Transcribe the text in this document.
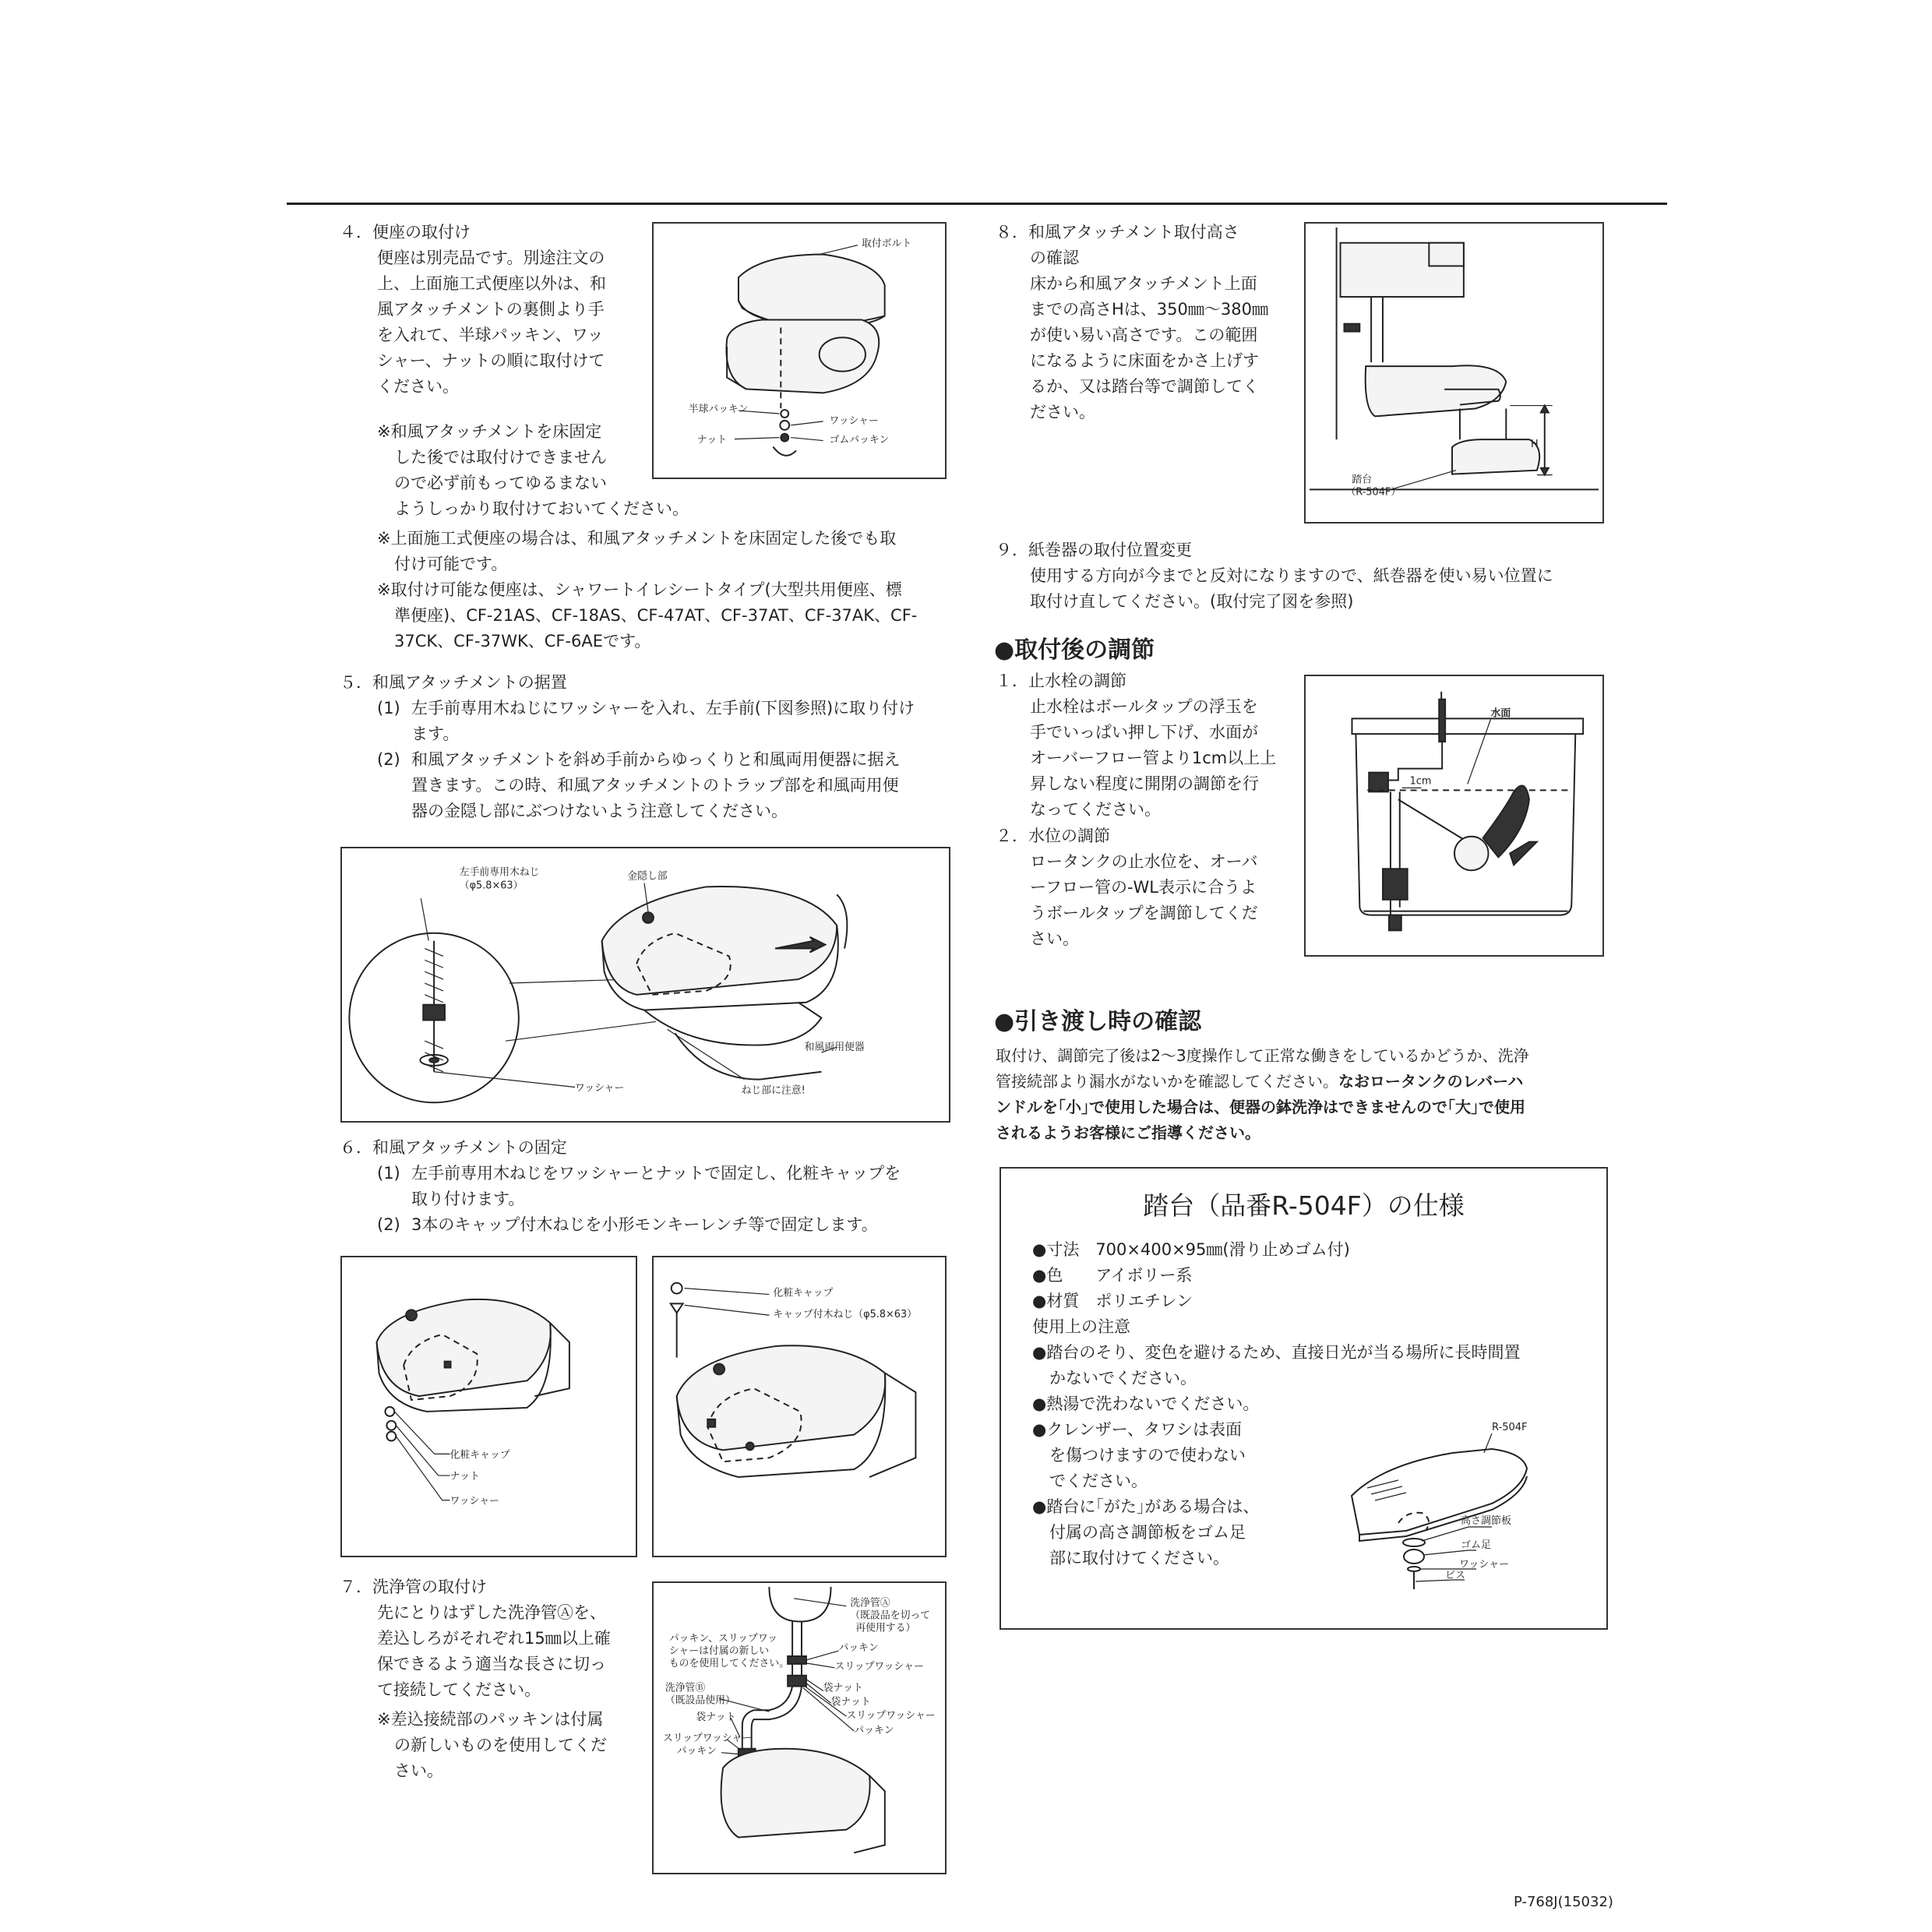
４．便座の取付け
便座は別売品です。別途注文の
上、上面施工式便座以外は、和
風アタッチメントの裏側より手
を入れて、半球パッキン、ワッ
シャー、ナットの順に取付けて
ください。
※和風アタッチメントを床固定
した後では取付けできません
ので必ず前もってゆるまない
ようしっかり取付けておいてください。
※上面施工式便座の場合は、和風アタッチメントを床固定した後でも取
付け可能です。
※取付け可能な便座は、シャワートイレシートタイプ(大型共用便座、標
準便座)、CF-21AS、CF-18AS、CF-47AT、CF-37AT、CF-37AK、CF-
37CK、CF-37WK、CF-6AEです。
取付ボルト
半球パッキン
ワッシャー
ナット	ゴムパッキン
５．和風アタッチメントの据置
(1) 左手前専用木ねじにワッシャーを入れ、左手前(下図参照)に取り付け
ます。
(2) 和風アタッチメントを斜め手前からゆっくりと和風両用便器に据え
置きます。この時、和風アタッチメントのトラップ部を和風両用便
器の金隠し部にぶつけないよう注意してください。
左手前専用木ねじ
（φ5.8×63）
ワッシャー
金隠し部
和風両用便器
ねじ部に注意!
６．和風アタッチメントの固定
(1) 左手前専用木ねじをワッシャーとナットで固定し、化粧キャップを
取り付けます。
(2) 3本のキャップ付木ねじを小形モンキーレンチ等で固定します。
化粧キャップ
ナット
ワッシャー
化粧キャップ
キャップ付木ねじ（φ5.8×63）
７．洗浄管の取付け
先にとりはずした洗浄管Ⓐを、
差込しろがそれぞれ15㎜以上確
保できるよう適当な長さに切っ
て接続してください。
※差込接続部のパッキンは付属
の新しいものを使用してくだ
さい。
洗浄管Ⓐ
（既設品を切って
再使用する）
パッキン、スリップワッ
シャーは付属の新しい
ものを使用してください。
パッキン
スリップワッシャー
袋ナット
袋ナット
スリップワッシャー
パッキン
洗浄管Ⓑ
（既設品使用）
袋ナット
スリップワッシャー
パッキン
８．和風アタッチメント取付高さ
の確認
床から和風アタッチメント上面
までの高さHは、350㎜～380㎜
が使い易い高さです。この範囲
になるように床面をかさ上げす
るか、又は踏台等で調節してく
ださい。
H
踏台
（R-504F）
９．紙巻器の取付位置変更
使用する方向が今までと反対になりますので、紙巻器を使い易い位置に
取付け直してください。(取付完了図を参照)
●取付後の調節
１．止水栓の調節
止水栓はボールタップの浮玉を
手でいっぱい押し下げ、水面が
オーバーフロー管より1cm以上上
昇しない程度に開閉の調節を行
なってください。
２．水位の調節
ロータンクの止水位を、オーバ
ーフロー管の-WL表示に合うよ
うボールタップを調節してくだ
さい。
水面
1cm
●引き渡し時の確認
取付け、調節完了後は2～3度操作して正常な働きをしているかどうか、洗浄
管接続部より漏水がないかを確認してください。なおロータンクのレバーハ
ンドルを｢小｣で使用した場合は、便器の鉢洗浄はできませんので｢大｣で使用
されるようお客様にご指導ください。
踏台（品番R-504F）の仕様
●寸法　700×400×95㎜(滑り止めゴム付)
●色　　アイボリー系
●材質　ポリエチレン
使用上の注意
●踏台のそり、変色を避けるため、直接日光が当る場所に長時間置
かないでください。
●熱湯で洗わないでください。
●クレンザー、タワシは表面
を傷つけますので使わない
でください。
●踏台に｢がた｣がある場合は、
付属の高さ調節板をゴム足
部に取付けてください。
R-504F
高さ調節板
ゴム足
ワッシャー
ビス
P-768J(15032)
